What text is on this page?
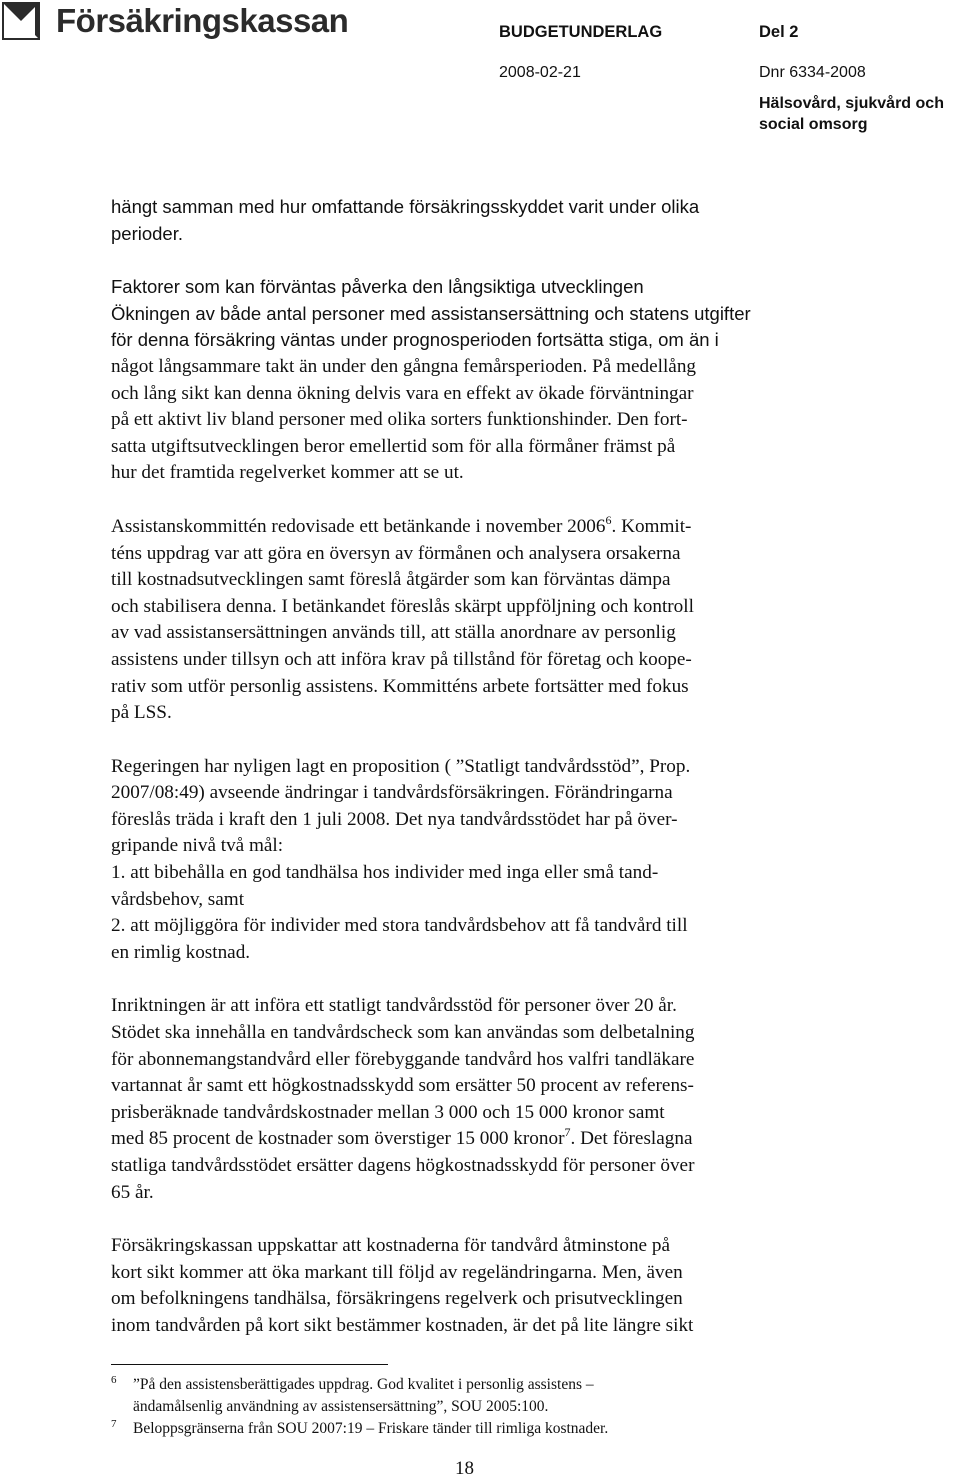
Försäkringskassan	BUDGETUNDERLAG	Del 2
2008-02-21	Dnr 6334-2008
Hälsovård, sjukvård och
social omsorg

hängt samman med hur omfattande försäkringsskyddet varit under olika
perioder.

Faktorer som kan förväntas påverka den långsiktiga utvecklingen

Ökningen av både antal personer med assistansersättning och statens utgifter
för denna försäkring väntas under prognosperioden fortsätta stiga, om än i

något långsammare takt än under den gångna femårsperioden. På medellång
och lång sikt kan denna ökning delvis vara en effekt av ökade förväntningar
på ett aktivt liv bland personer med olika sorters funktionshinder. Den fort-
satta utgiftsutvecklingen beror emellertid som för alla förmåner främst på
hur det framtida regelverket kommer att se ut.

Assistanskommittén redovisade ett betänkande i november 2006$^6$. Kommit-
téns uppdrag var att göra en översyn av förmånen och analysera orsakerna
till kostnadsutvecklingen samt föreslå åtgärder som kan förväntas dämpa
och stabilisera denna. I betänkandet föreslås skärpt uppföljning och kontroll
av vad assistansersättningen används till, att ställa anordnare av personlig
assistens under tillsyn och att införa krav på tillstånd för företag och koope-
rativ som utför personlig assistens. Kommitténs arbete fortsätter med fokus
på LSS.

Regeringen har nyligen lagt en proposition ( ”Statligt tandvårdsstöd”, Prop.
2007/08:49) avseende ändringar i tandvårdsförsäkringen. Förändringarna
föreslås träda i kraft den 1 juli 2008. Det nya tandvårdsstödet har på över-
gripande nivå två mål:
1. att bibehålla en god tandhälsa hos individer med inga eller små tand-
vårdsbehov, samt
2. att möjliggöra för individer med stora tandvårdsbehov att få tandvård till
en rimlig kostnad.

Inriktningen är att införa ett statligt tandvårdsstöd för personer över 20 år.
Stödet ska innehålla en tandvårdscheck som kan användas som delbetalning
för abonnemangstandvård eller förebyggande tandvård hos valfri tandläkare
vartannat år samt ett högkostnadsskydd som ersätter 50 procent av referens-
prisberäknade tandvårdskostnader mellan 3 000 och 15 000 kronor samt
med 85 procent de kostnader som överstiger 15 000 kronor$^7$. Det föreslagna
statliga tandvårdsstödet ersätter dagens högkostnadsskydd för personer över
65 år.

Försäkringskassan uppskattar att kostnaderna för tandvård åtminstone på
kort sikt kommer att öka markant till följd av regeländringarna. Men, även
om befolkningens tandhälsa, försäkringens regelverk och prisutvecklingen
inom tandvården på kort sikt bestämmer kostnaden, är det på lite längre sikt

6 ”På den assistensberättigades uppdrag. God kvalitet i personlig assistens –
ändamålsenlig användning av assistensersättning”, SOU 2005:100.
7 Beloppsgränserna från SOU 2007:19 – Friskare tänder till rimliga kostnader.
18
